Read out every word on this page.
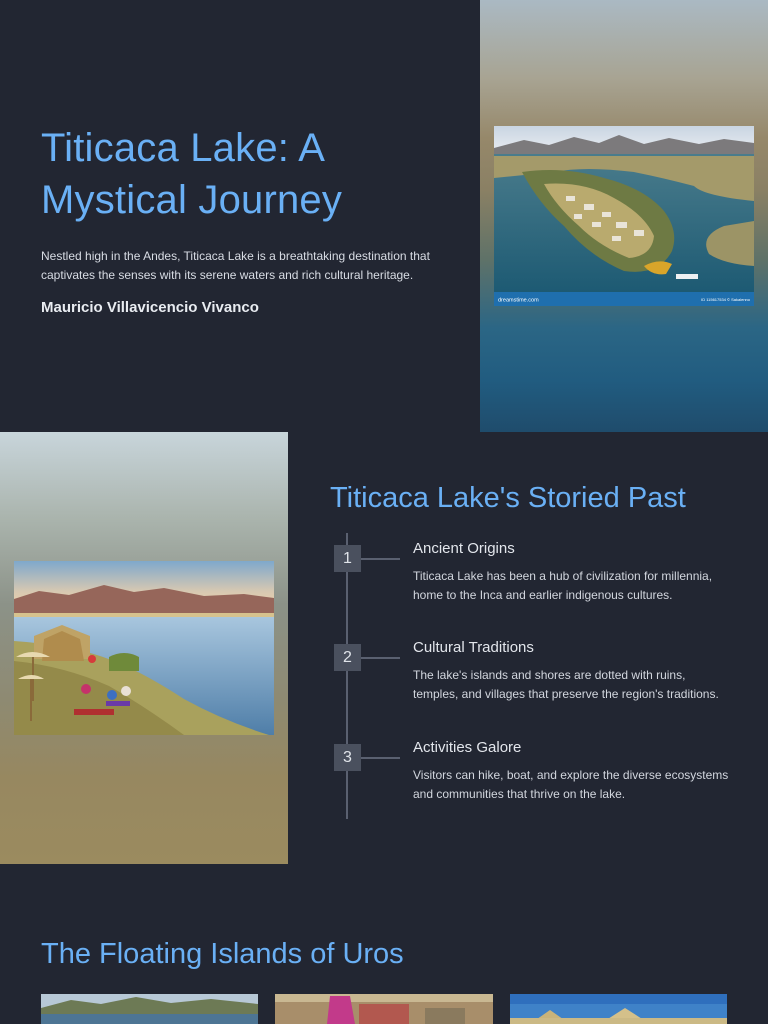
Titicaca Lake: A Mystical Journey

Nestled high in the Andes, Titicaca Lake is a breathtaking destination that captivates the senses with its serene waters and rich cultural heritage.

Mauricio Villavicencio Vivanco	dreamstime.com	ID 115617534 © Sakalenno
Titicaca Lake's Storied Past
1
Ancient Origins
Titicaca Lake has been a hub of civilization for millennia, home to the Inca and earlier indigenous cultures.
2
Cultural Traditions
The lake's islands and shores are dotted with ruins, temples, and villages that preserve the region's traditions.
3
Activities Galore
Visitors can hike, boat, and explore the diverse ecosystems and communities that thrive on the lake.
The Floating Islands of Uros
